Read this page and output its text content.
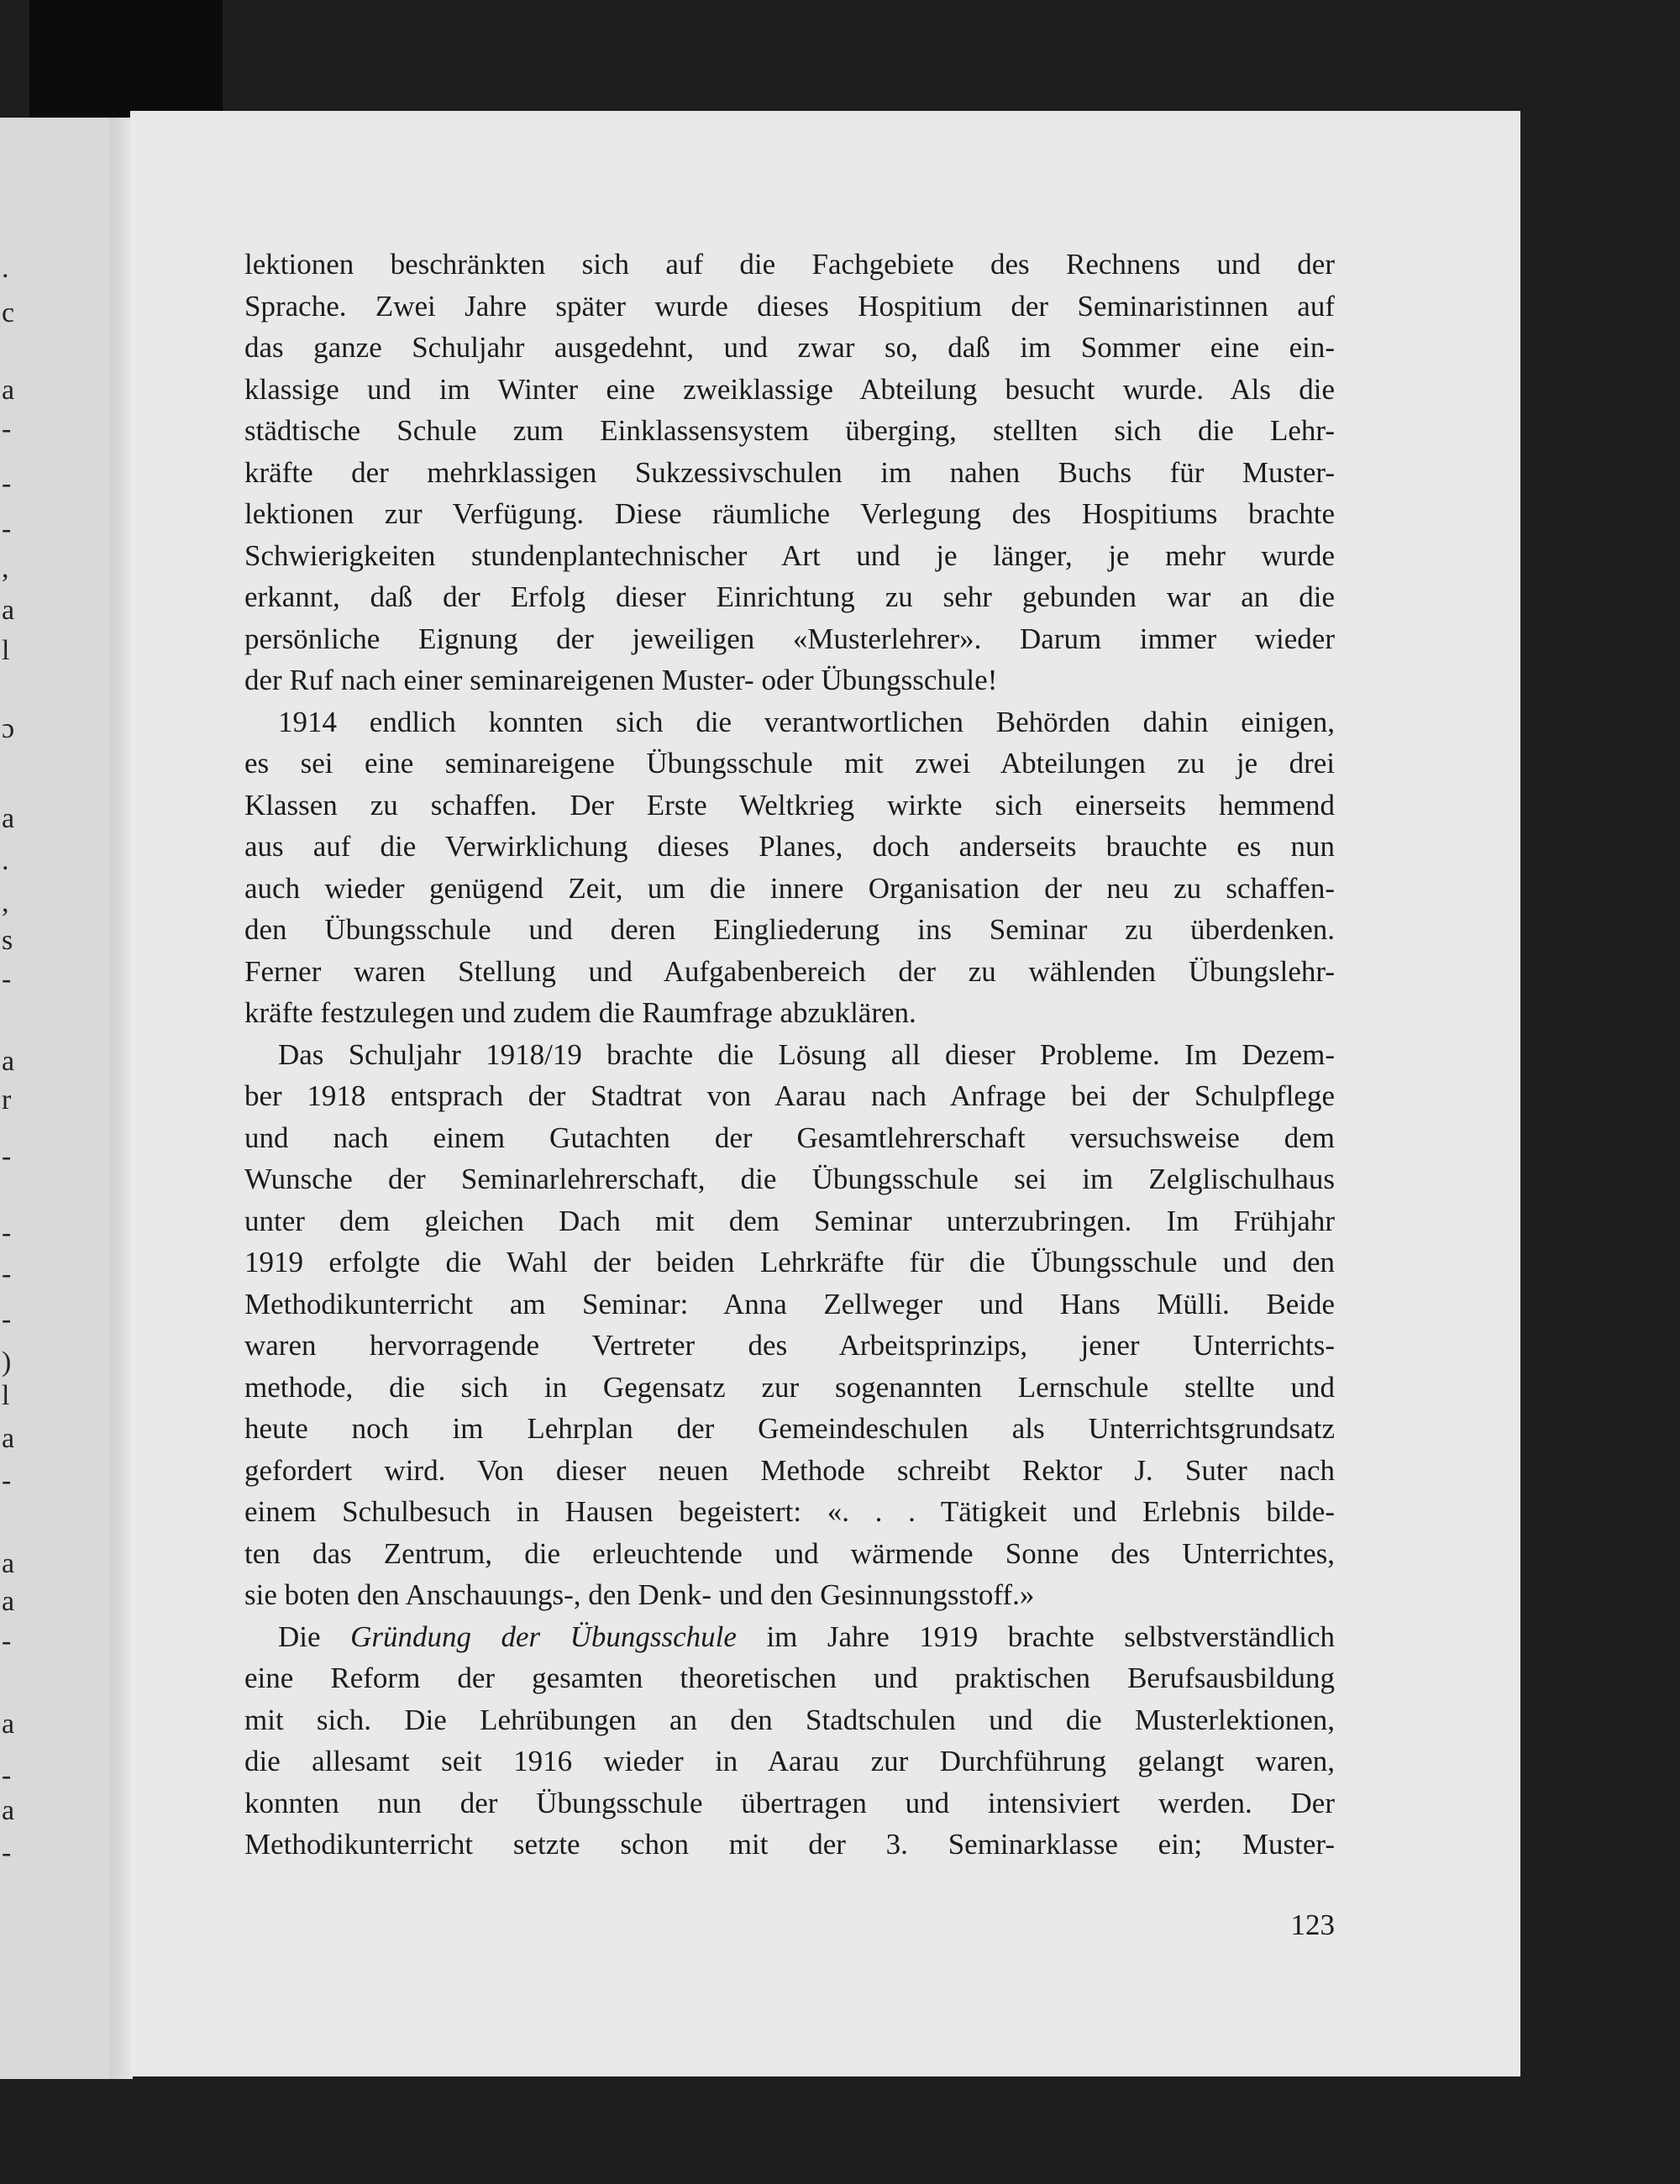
.
c
a
-
-
-
,
a
l
ɔ
a
.
,
s
-
a
r
-
-
-
-
)
l
a
-
a
a
-
a
-
a
-
lektionen beschränkten sich auf die Fachgebiete des Rechnens und der
Sprache. Zwei Jahre später wurde dieses Hospitium der Seminaristinnen auf
das ganze Schuljahr ausgedehnt, und zwar so, daß im Sommer eine ein-
klassige und im Winter eine zweiklassige Abteilung besucht wurde. Als die
städtische Schule zum Einklassensystem überging, stellten sich die Lehr-
kräfte der mehrklassigen Sukzessivschulen im nahen Buchs für Muster-
lektionen zur Verfügung. Diese räumliche Verlegung des Hospitiums brachte
Schwierigkeiten stundenplantechnischer Art und je länger, je mehr wurde
erkannt, daß der Erfolg dieser Einrichtung zu sehr gebunden war an die
persönliche Eignung der jeweiligen «Musterlehrer». Darum immer wieder
der Ruf nach einer seminareigenen Muster- oder Übungsschule!
1914 endlich konnten sich die verantwortlichen Behörden dahin einigen,
es sei eine seminareigene Übungsschule mit zwei Abteilungen zu je drei
Klassen zu schaffen. Der Erste Weltkrieg wirkte sich einerseits hemmend
aus auf die Verwirklichung dieses Planes, doch anderseits brauchte es nun
auch wieder genügend Zeit, um die innere Organisation der neu zu schaffen-
den Übungsschule und deren Eingliederung ins Seminar zu überdenken.
Ferner waren Stellung und Aufgabenbereich der zu wählenden Übungslehr-
kräfte festzulegen und zudem die Raumfrage abzuklären.
Das Schuljahr 1918/19 brachte die Lösung all dieser Probleme. Im Dezem-
ber 1918 entsprach der Stadtrat von Aarau nach Anfrage bei der Schulpflege
und nach einem Gutachten der Gesamtlehrerschaft versuchsweise dem
Wunsche der Seminarlehrerschaft, die Übungsschule sei im Zelglischulhaus
unter dem gleichen Dach mit dem Seminar unterzubringen. Im Frühjahr
1919 erfolgte die Wahl der beiden Lehrkräfte für die Übungsschule und den
Methodikunterricht am Seminar: Anna Zellweger und Hans Mülli. Beide
waren hervorragende Vertreter des Arbeitsprinzips, jener Unterrichts-
methode, die sich in Gegensatz zur sogenannten Lernschule stellte und
heute noch im Lehrplan der Gemeindeschulen als Unterrichtsgrundsatz
gefordert wird. Von dieser neuen Methode schreibt Rektor J. Suter nach
einem Schulbesuch in Hausen begeistert: «. . . Tätigkeit und Erlebnis bilde-
ten das Zentrum, die erleuchtende und wärmende Sonne des Unterrichtes,
sie boten den Anschauungs-, den Denk- und den Gesinnungsstoff.»
Die Gründung der Übungsschule im Jahre 1919 brachte selbstverständlich
eine Reform der gesamten theoretischen und praktischen Berufsausbildung
mit sich. Die Lehrübungen an den Stadtschulen und die Musterlektionen,
die allesamt seit 1916 wieder in Aarau zur Durchführung gelangt waren,
konnten nun der Übungsschule übertragen und intensiviert werden. Der
Methodikunterricht setzte schon mit der 3. Seminarklasse ein; Muster-
123
